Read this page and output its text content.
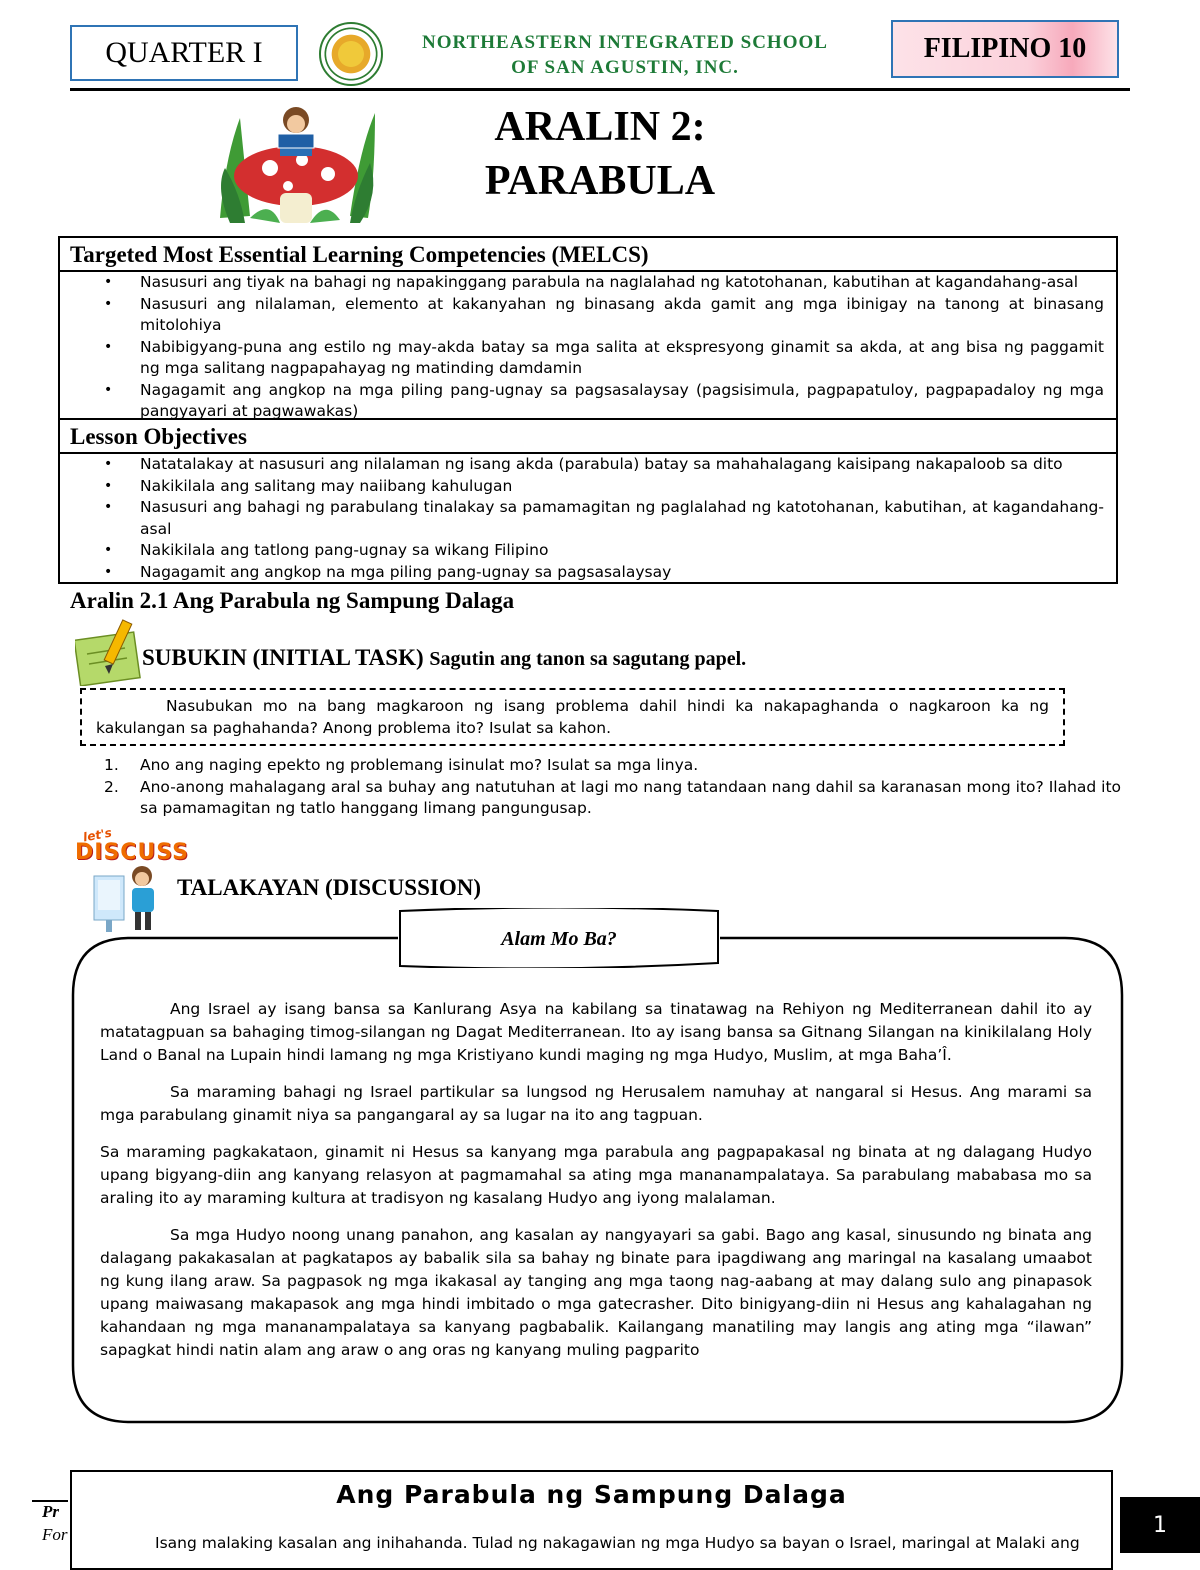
QUARTER I	NORTHEASTERN INTEGRATED SCHOOL
OF SAN AGUSTIN, INC.
FILIPINO 10
ARALIN 2:
PARABULA
Targeted Most Essential Learning Competencies (MELCS)
• Nasusuri ang tiyak na bahagi ng napakinggang parabula na naglalahad ng katotohanan, kabutihan at kagandahang-asal
• Nasusuri ang nilalaman, elemento at kakanyahan ng binasang akda gamit ang mga ibinigay na tanong at binasang mitolohiya
• Nabibigyang-puna ang estilo ng may-akda batay sa mga salita at ekspresyong ginamit sa akda, at ang bisa ng paggamit ng mga salitang nagpapahayag ng matinding damdamin
• Nagagamit ang angkop na mga piling pang-ugnay sa pagsasalaysay (pagsisimula, pagpapatuloy, pagpapadaloy ng mga pangyayari at pagwawakas)
Lesson Objectives
• Natatalakay at nasusuri ang nilalaman ng isang akda (parabula) batay sa mahahalagang kaisipang nakapaloob sa dito
• Nakikilala ang salitang may naiibang kahulugan
• Nasusuri ang bahagi ng parabulang tinalakay sa pamamagitan ng paglalahad ng katotohanan, kabutihan, at kagandahang-asal
• Nakikilala ang tatlong pang-ugnay sa wikang Filipino
• Nagagamit ang angkop na mga piling pang-ugnay sa pagsasalaysay
Aralin 2.1 Ang Parabula ng Sampung Dalaga
SUBUKIN (INITIAL TASK) Sagutin ang tanon sa sagutang papel.
Nasubukan mo na bang magkaroon ng isang problema dahil hindi ka nakapaghanda o nagkaroon ka ng kakulangan sa paghahanda? Anong problema ito? Isulat sa kahon.
1. Ano ang naging epekto ng problemang isinulat mo? Isulat sa mga linya.
2. Ano-anong mahalagang aral sa buhay ang natutuhan at lagi mo nang tatandaan nang dahil sa karanasan mong ito? Ilahad ito sa pamamagitan ng tatlo hanggang limang pangungusap.
let's
DISCUSS
TALAKAYAN (DISCUSSION)
Alam Mo Ba?

Ang Israel ay isang bansa sa Kanlurang Asya na kabilang sa tinatawag na Rehiyon ng Mediterranean dahil ito ay matatagpuan sa bahaging timog-silangan ng Dagat Mediterranean. Ito ay isang bansa sa Gitnang Silangan na kinikilalang Holy Land o Banal na Lupain hindi lamang ng mga Kristiyano kundi maging ng mga Hudyo, Muslim, at mga Baha’Î.

Sa maraming bahagi ng Israel partikular sa lungsod ng Herusalem namuhay at nangaral si Hesus. Ang marami sa mga parabulang ginamit niya sa pangangaral ay sa lugar na ito ang tagpuan.

Sa maraming pagkakataon, ginamit ni Hesus sa kanyang mga parabula ang pagpapakasal ng binata at ng dalagang Hudyo upang bigyang-diin ang kanyang relasyon at pagmamahal sa ating mga mananampalataya. Sa parabulang mababasa mo sa araling ito ay maraming kultura at tradisyon ng kasalang Hudyo ang iyong malalaman.

Sa mga Hudyo noong unang panahon, ang kasalan ay nangyayari sa gabi. Bago ang kasal, sinusundo ng binata ang dalagang pakakasalan at pagkatapos ay babalik sila sa bahay ng binate para ipagdiwang ang maringal na kasalang umaabot ng kung ilang araw. Sa pagpasok ng mga ikakasal ay tanging ang mga taong nag-aabang at may dalang sulo ang pinapasok upang maiwasang makapasok ang mga hindi imbitado o mga gatecrasher. Dito binigyang-diin ni Hesus ang kahalagahan ng kahandaan ng mga mananampalataya sa kanyang pagbabalik. Kailangang manatiling may langis ang ating mga “ilawan” sapagkat hindi natin alam ang araw o ang oras ng kanyang muling pagparito

Ang Parabula ng Sampung Dalaga
Isang malaking kasalan ang inihahanda. Tulad ng nakagawian ng mga Hudyo sa bayan o Israel, maringal at Malaki ang
Pr
For	1
